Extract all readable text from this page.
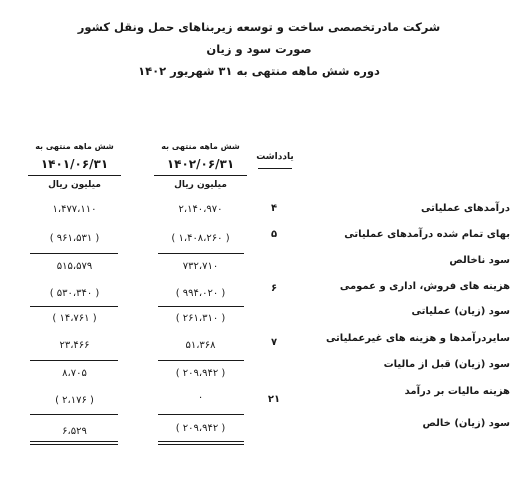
شرکت مادرتخصصی ساخت و توسعه زیربناهای حمل ونقل کشور
صورت سود و زیان
دوره شش ماهه منتهی به ۳۱ شهریور ۱۴۰۲
شش ماهه منتهی به
۱۴۰۲/۰۶/۳۱
میلیون ریال
شش ماهه منتهی به
۱۴۰۱/۰۶/۳۱
میلیون ریال
یادداشت
درآمدهای عملیاتی
۴
۲،۱۴۰،۹۷۰
۱،۴۷۷،۱۱۰
بهای تمام شده درآمدهای عملیاتی
۵
( ۱،۴۰۸،۲۶۰ )
( ۹۶۱،۵۳۱ )
سود ناخالص
۷۳۲،۷۱۰
۵۱۵،۵۷۹
هزینه های فروش، اداری و عمومی
۶
( ۹۹۴،۰۲۰ )
( ۵۳۰،۳۴۰ )
سود (زیان) عملیاتی
( ۲۶۱،۳۱۰ )
( ۱۴،۷۶۱ )
سایردرآمدها و هزینه های غیرعملیاتی
۷
۵۱،۳۶۸
۲۳،۴۶۶
سود (زیان) قبل از مالیات
( ۲۰۹،۹۴۲ )
۸،۷۰۵
هزینه مالیات بر درآمد
۲۱
۰
( ۲،۱۷۶ )
سود (زیان) خالص
( ۲۰۹،۹۴۲ )
۶،۵۲۹
